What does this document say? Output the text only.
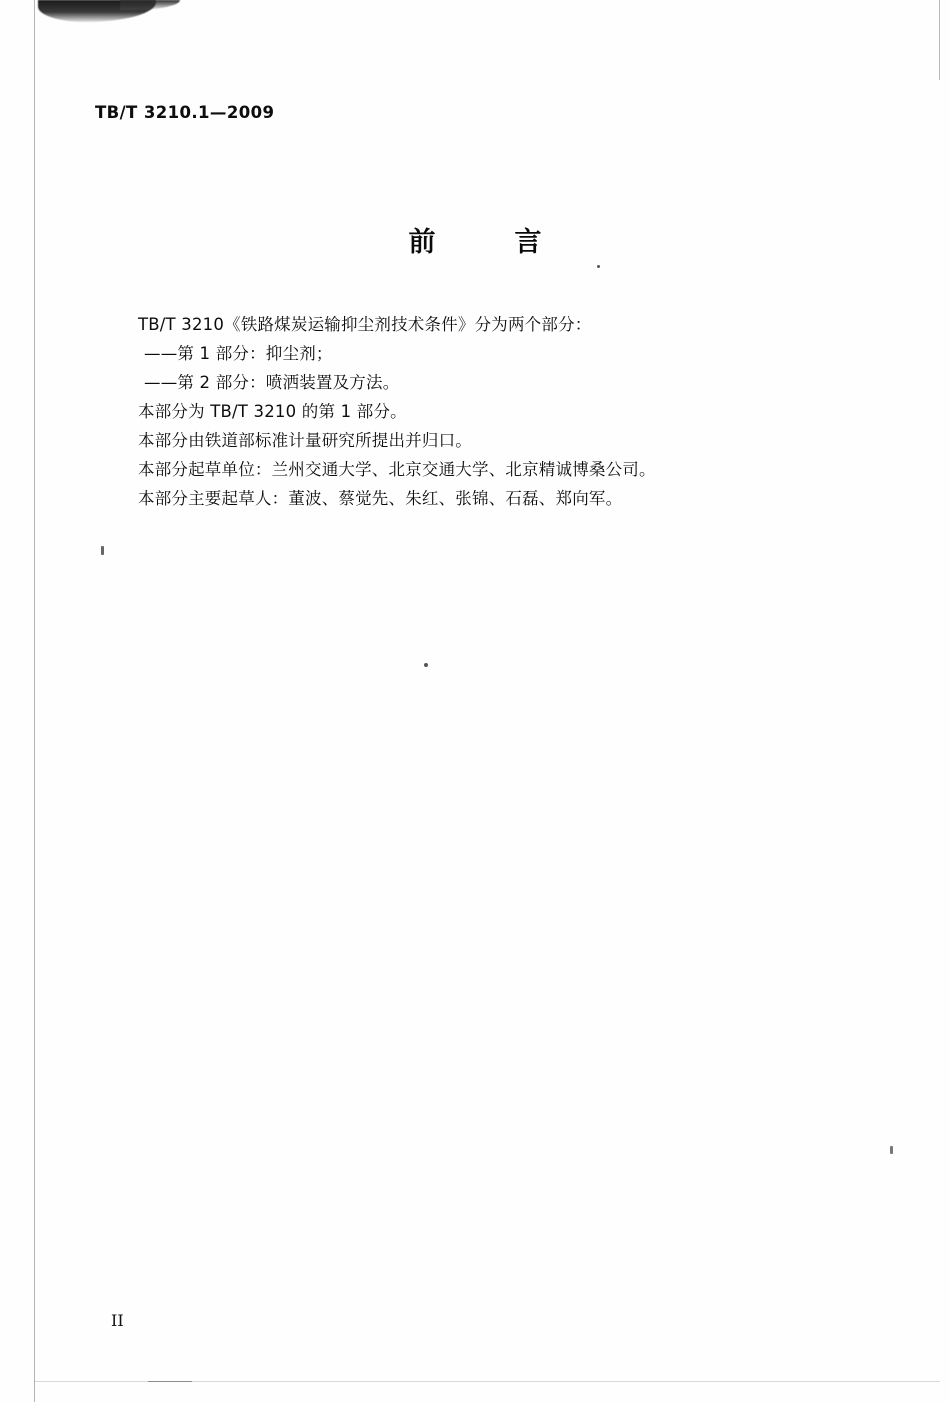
TB/T 3210.1—2009
前　言
TB/T 3210《铁路煤炭运输抑尘剂技术条件》分为两个部分：
——第 1 部分：抑尘剂；
——第 2 部分：喷洒装置及方法。
本部分为 TB/T 3210 的第 1 部分。
本部分由铁道部标准计量研究所提出并归口。
本部分起草单位：兰州交通大学、北京交通大学、北京精诚博桑公司。
本部分主要起草人：董波、蔡觉先、朱红、张锦、石磊、郑向军。
II
